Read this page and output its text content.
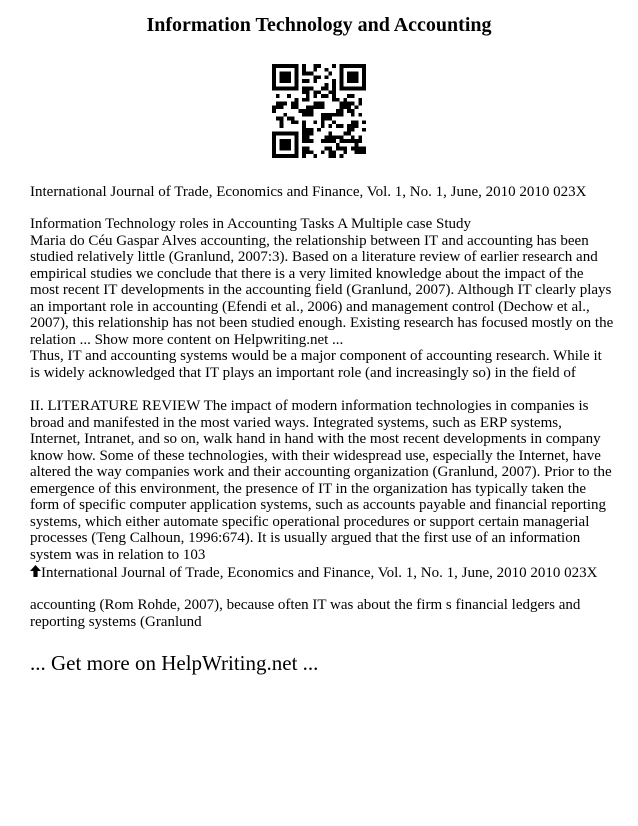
Information Technology and Accounting
International Journal of Trade, Economics and Finance, Vol. 1, No. 1, June, 2010 2010 023X

Information Technology roles in Accounting Tasks A Multiple case Study

Maria do Céu Gaspar Alves accounting, the relationship between IT and accounting has been studied relatively little (Granlund, 2007:3). Based on a literature review of earlier research and empirical studies we conclude that there is a very limited knowledge about the impact of the most recent IT developments in the accounting field (Granlund, 2007). Although IT clearly plays an important role in accounting (Efendi et al., 2006) and management control (Dechow et al., 2007), this relationship has not been studied enough. Existing research has focused mostly on the relation ... Show more content on Helpwriting.net ...

Thus, IT and accounting systems would be a major component of accounting research. While it is widely acknowledged that IT plays an important role (and increasingly so) in the field of

II. LITERATURE REVIEW The impact of modern information technologies in companies is broad and manifested in the most varied ways. Integrated systems, such as ERP systems, Internet, Intranet, and so on, walk hand in hand with the most recent developments in company know how. Some of these technologies, with their widespread use, especially the Internet, have altered the way companies work and their accounting organization (Granlund, 2007). Prior to the emergence of this environment, the presence of IT in the organization has typically taken the form of specific computer application systems, such as accounts payable and financial reporting systems, which either automate specific operational procedures or support certain managerial processes (Teng Calhoun, 1996:674). It is usually argued that the first use of an information system was in relation to 103

International Journal of Trade, Economics and Finance, Vol. 1, No. 1, June, 2010 2010 023X
accounting (Rom Rohde, 2007), because often IT was about the firm s financial ledgers and reporting systems (Granlund
... Get more on HelpWriting.net ...
